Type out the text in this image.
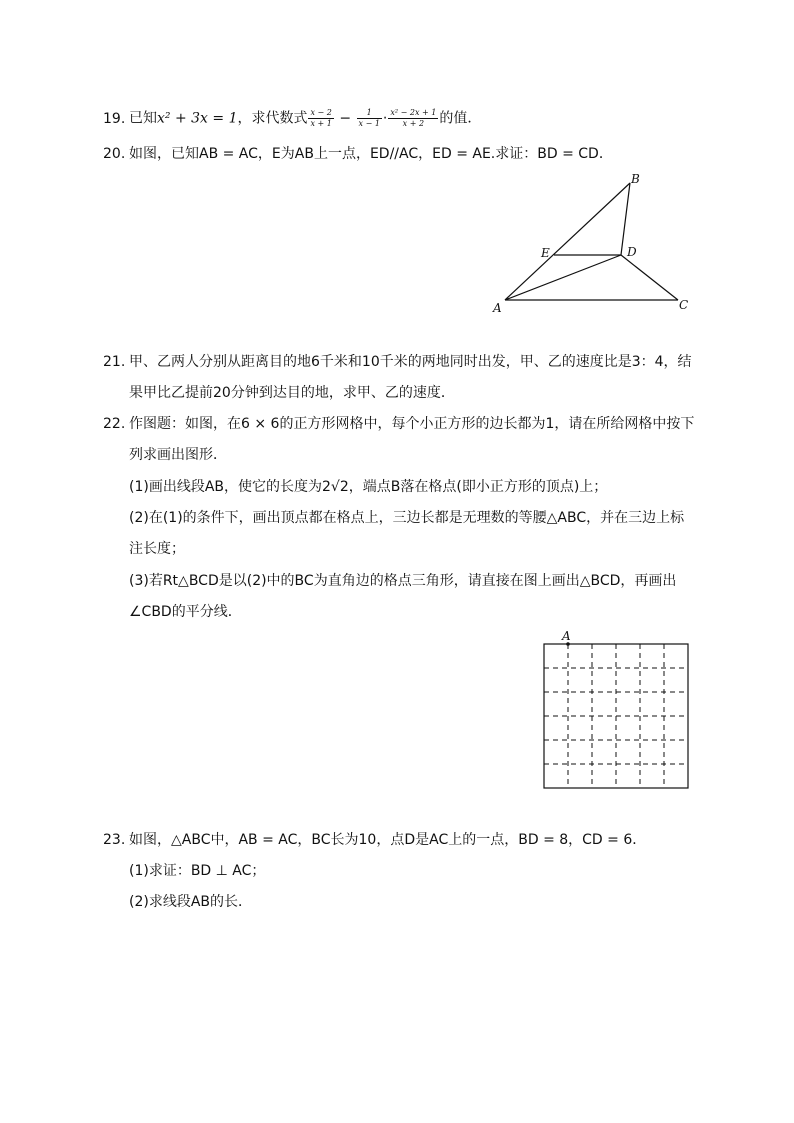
19. 已知x² + 3x = 1，求代数式 $\frac{x - 2}{x + 1} - \frac{1}{x - 1} \cdot \frac{\text{x² − 2x + 1}}{x + 2}$ 的值．
20. 如图，已知AB = AC，E为AB上一点，ED//AC，ED = AE.求证：BD = CD．
A
B
C
D
E
21. 甲、乙两人分别从距离目的地6千米和10千米的两地同时出发，甲、乙的速度比是3：4，结
果甲比乙提前20分钟到达目的地，求甲、乙的速度．
22. 作图题：如图，在6 × 6的正方形网格中，每个小正方形的边长都为1，请在所给网格中按下
列求画出图形．
(1)画出线段AB，使它的长度为2√2，端点B落在格点(即小正方形的顶点)上；
(2)在(1)的条件下，画出顶点都在格点上，三边长都是无理数的等腰△ABC，并在三边上标
注长度；
(3)若Rt△BCD是以(2)中的BC为直角边的格点三角形，请直接在图上画出△BCD，再画出
∠CBD的平分线．
A
23. 如图，△ABC中，AB = AC，BC长为10，点D是AC上的一点，BD = 8，CD = 6．
(1)求证：BD ⊥ AC；
(2)求线段AB的长．
